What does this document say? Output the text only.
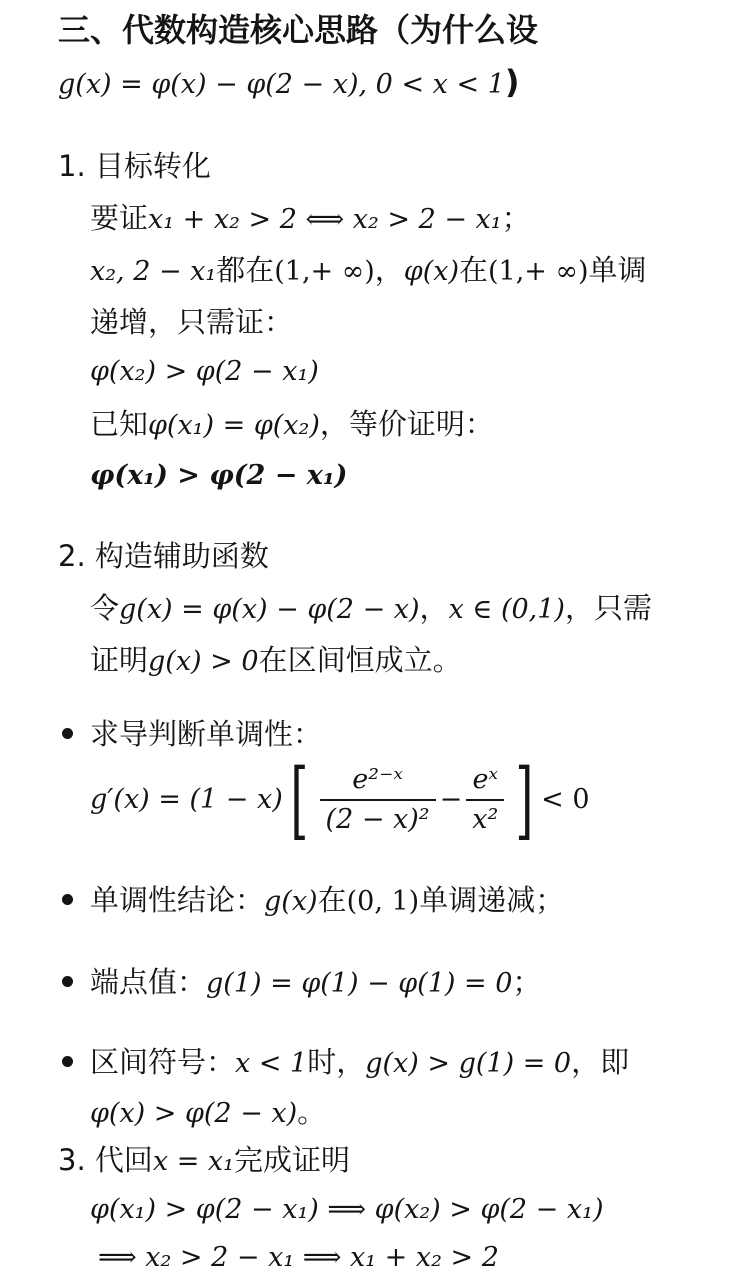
三、代数构造核心思路（为什么设
g(x) = φ(x) − φ(2 − x), 0 < x < 1)
1. 目标转化
要证x₁ + x₂ > 2 ⟺ x₂ > 2 − x₁；
x₂, 2 − x₁都在(1,+ ∞)，φ(x)在(1,+ ∞)单调
递增，只需证：
φ(x₂) > φ(2 − x₁)
已知φ(x₁) = φ(x₂)，等价证明：
φ(x₁) > φ(2 − x₁)
2. 构造辅助函数
令g(x) = φ(x) − φ(2 − x)，x ∈ (0,1)，只需
证明g(x) > 0在区间恒成立。
求导判断单调性：
$g'(x) = (1 - x)[ \frac{\text{e²⁻ˣ}}{\text{(2 − x)²}} - \frac{\text{eˣ}}{\text{x²}}$ ] < 0
单调性结论：g(x)在(0, 1)单调递减；
端点值：g(1) = φ(1) − φ(1) = 0；
区间符号：x < 1时，g(x) > g(1) = 0，即
φ(x) > φ(2 − x)。
3. 代回x = x₁完成证明
φ(x₁) > φ(2 − x₁) ⟹ φ(x₂) > φ(2 − x₁)
⟹ x₂ > 2 − x₁ ⟹ x₁ + x₂ > 2
